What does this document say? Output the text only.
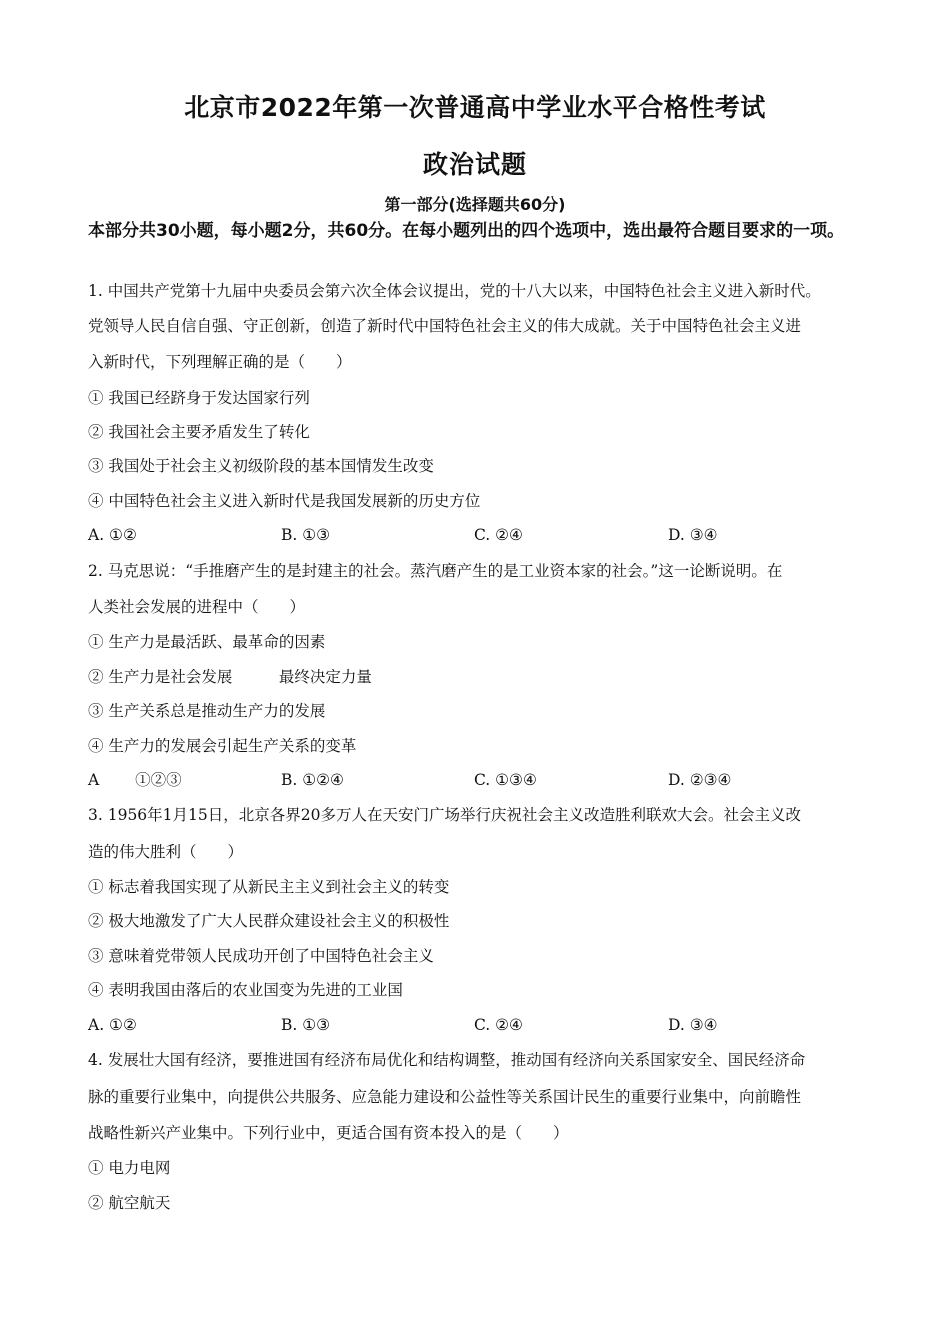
北京市2022年第一次普通高中学业水平合格性考试
政治试题
第一部分(选择题共60分)
本部分共30小题，每小题2分，共60分。在每小题列出的四个选项中，选出最符合题目要求的一项。
1. 中国共产党第十九届中央委员会第六次全体会议提出，党的十八大以来，中国特色社会主义进入新时代。
党领导人民自信自强、守正创新，创造了新时代中国特色社会主义的伟大成就。关于中国特色社会主义进
入新时代，下列理解正确的是（　　）
① 我国已经跻身于发达国家行列
② 我国社会主要矛盾发生了转化
③ 我国处于社会主义初级阶段的基本国情发生改变
④ 中国特色社会主义进入新时代是我国发展新的历史方位
A. ①②	B. ①③	C. ②④	D. ③④
2. 马克思说：“手推磨产生的是封建主的社会。蒸汽磨产生的是工业资本家的社会。”这一论断说明。在
人类社会发展的进程中（　　）
① 生产力是最活跃、最革命的因素
② 生产力是社会发展　　　最终决定力量
③ 生产关系总是推动生产力的发展
④ 生产力的发展会引起生产关系的变革
A　　 ①②③	B. ①②④	C. ①③④	D. ②③④
3. 1956年1月15日，北京各界20多万人在天安门广场举行庆祝社会主义改造胜利联欢大会。社会主义改
造的伟大胜利（　　）
① 标志着我国实现了从新民主主义到社会主义的转变
② 极大地激发了广大人民群众建设社会主义的积极性
③ 意味着党带领人民成功开创了中国特色社会主义
④ 表明我国由落后的农业国变为先进的工业国
A. ①②	B. ①③	C. ②④	D. ③④
4. 发展壮大国有经济，要推进国有经济布局优化和结构调整，推动国有经济向关系国家安全、国民经济命
脉的重要行业集中，向提供公共服务、应急能力建设和公益性等关系国计民生的重要行业集中，向前瞻性
战略性新兴产业集中。下列行业中，更适合国有资本投入的是（　　）
① 电力电网
② 航空航天
